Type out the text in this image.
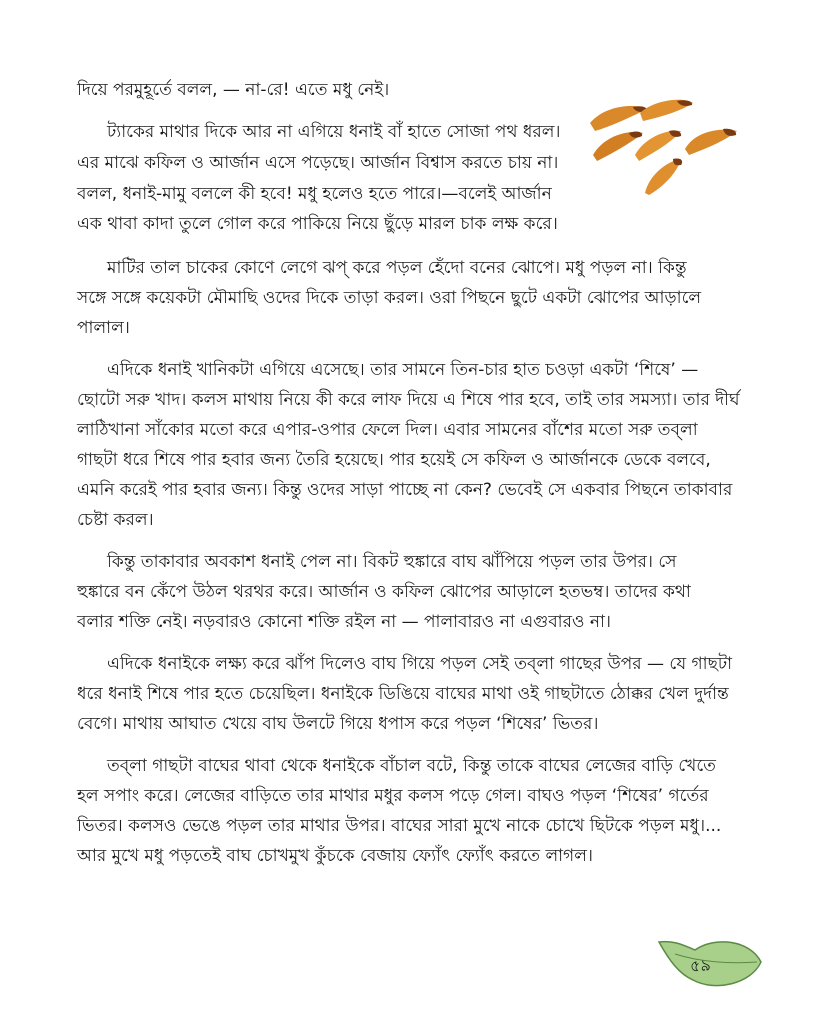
দিয়ে পরমুহূর্তে বলল, — না-রে! এতে মধু নেই।

ট্যাকের মাথার দিকে আর না এগিয়ে ধনাই বাঁ হাতে সোজা পথ ধরল।

এর মাঝে কফিল ও আর্জান এসে পড়েছে। আর্জান বিশ্বাস করতে চায় না।

বলল, ধনাই-মামু বললে কী হবে! মধু হলেও হতে পারে।—বলেই আর্জান

এক থাবা কাদা তুলে গোল করে পাকিয়ে নিয়ে ছুঁড়ে মারল চাক লক্ষ করে।

মাটির তাল চাকের কোণে লেগে ঝপ্‌ করে পড়ল হেঁদো বনের ঝোপে। মধু পড়ল না। কিন্তু

সঙ্গে সঙ্গে কয়েকটা মৌমাছি ওদের দিকে তাড়া করল। ওরা পিছনে ছুটে একটা ঝোপের আড়ালে

পালাল।

এদিকে ধনাই খানিকটা এগিয়ে এসেছে। তার সামনে তিন-চার হাত চওড়া একটা ‘শিষে’ —

ছোটো সরু খাদ। কলস মাথায় নিয়ে কী করে লাফ দিয়ে এ শিষে পার হবে, তাই তার সমস্যা। তার দীর্ঘ

লাঠিখানা সাঁকোর মতো করে এপার-ওপার ফেলে দিল। এবার সামনের বাঁশের মতো সরু তব্‌লা

গাছটা ধরে শিষে পার হবার জন্য তৈরি হয়েছে। পার হয়েই সে কফিল ও আর্জানকে ডেকে বলবে,

এমনি করেই পার হবার জন্য। কিন্তু ওদের সাড়া পাচ্ছে না কেন? ভেবেই সে একবার পিছনে তাকাবার

চেষ্টা করল।

কিন্তু তাকাবার অবকাশ ধনাই পেল না। বিকট হুঙ্কারে বাঘ ঝাঁপিয়ে পড়ল তার উপর। সে

হুঙ্কারে বন কেঁপে উঠল থরথর করে। আর্জান ও কফিল ঝোপের আড়ালে হতভম্ব। তাদের কথা

বলার শক্তি নেই। নড়বারও কোনো শক্তি রইল না — পালাবারও না এগুবারও না।

এদিকে ধনাইকে লক্ষ্য করে ঝাঁপ দিলেও বাঘ গিয়ে পড়ল সেই তব্‌লা গাছের উপর — যে গাছটা

ধরে ধনাই শিষে পার হতে চেয়েছিল। ধনাইকে ডিঙিয়ে বাঘের মাথা ওই গাছটাতে ঠোক্কর খেল দুর্দান্ত

বেগে। মাথায় আঘাত খেয়ে বাঘ উলটে গিয়ে ধপাস করে পড়ল ‘শিষের’ ভিতর।

তব্‌লা গাছটা বাঘের থাবা থেকে ধনাইকে বাঁচাল বটে, কিন্তু তাকে বাঘের লেজের বাড়ি খেতে

হল সপাং করে। লেজের বাড়িতে তার মাথার মধুর কলস পড়ে গেল। বাঘও পড়ল ‘শিষের’ গর্তের

ভিতর। কলসও ভেঙে পড়ল তার মাথার উপর। বাঘের সারা মুখে নাকে চোখে ছিটকে পড়ল মধু।...

আর মুখে মধু পড়তেই বাঘ চোখমুখ কুঁচকে বেজায় ফ্যোঁৎ ফ্যোঁৎ করতে লাগল।

৫৯
